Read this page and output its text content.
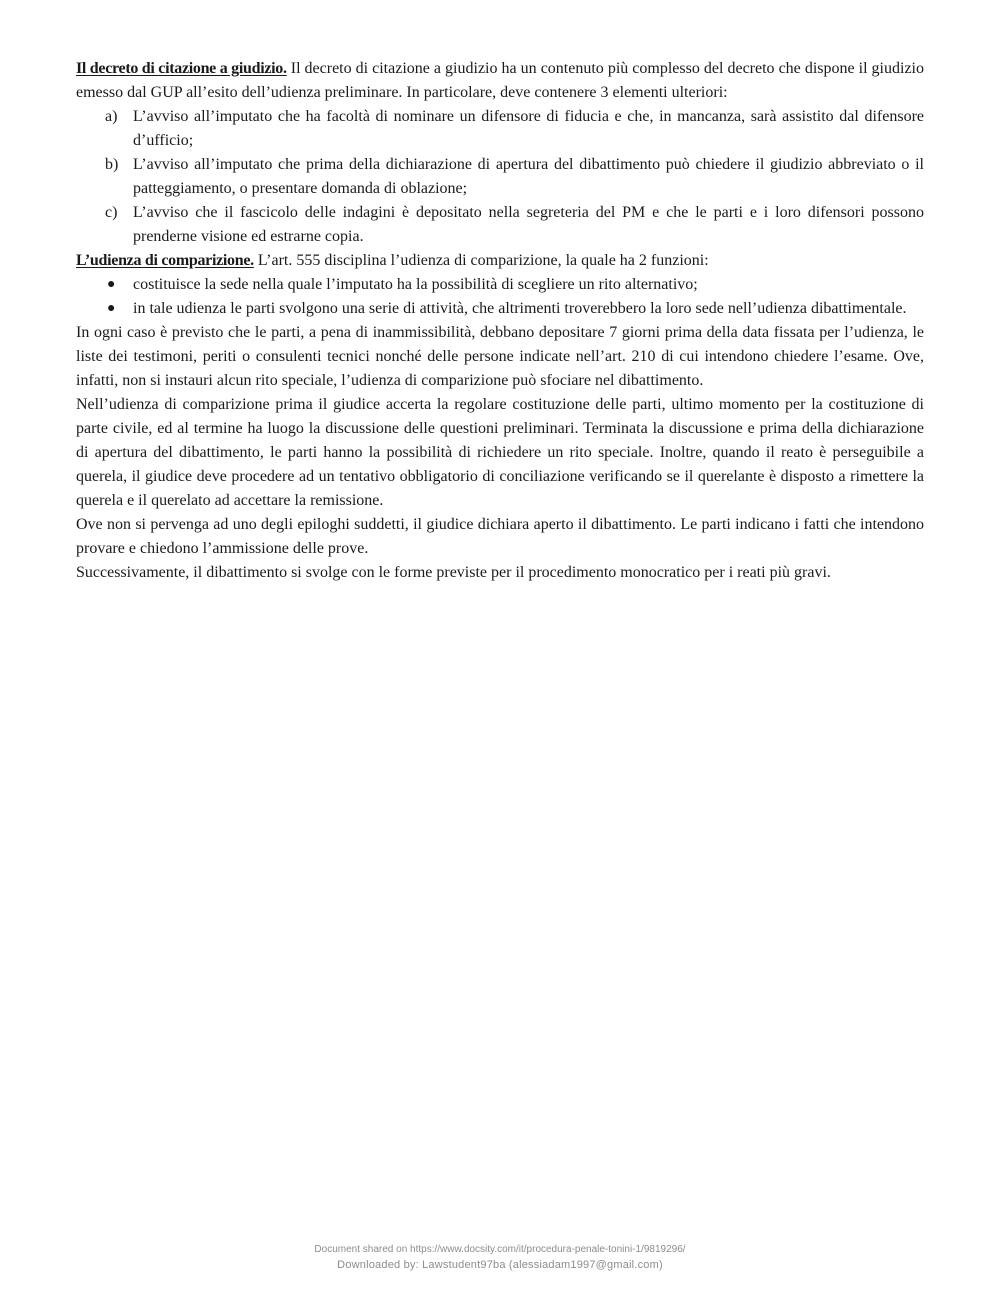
Il decreto di citazione a giudizio. Il decreto di citazione a giudizio ha un contenuto più complesso del decreto che dispone il giudizio emesso dal GUP all’esito dell’udienza preliminare. In particolare, deve contenere 3 elementi ulteriori:

a) L’avviso all’imputato che ha facoltà di nominare un difensore di fiducia e che, in mancanza, sarà assistito dal difensore d’ufficio;
b) L’avviso all’imputato che prima della dichiarazione di apertura del dibattimento può chiedere il giudizio abbreviato o il patteggiamento, o presentare domanda di oblazione;
c) L’avviso che il fascicolo delle indagini è depositato nella segreteria del PM e che le parti e i loro difensori possono prenderne visione ed estrarne copia.

L’udienza di comparizione. L’art. 555 disciplina l’udienza di comparizione, la quale ha 2 funzioni:

● costituisce la sede nella quale l’imputato ha la possibilità di scegliere un rito alternativo;
● in tale udienza le parti svolgono una serie di attività, che altrimenti troverebbero la loro sede nell’udienza dibattimentale.

In ogni caso è previsto che le parti, a pena di inammissibilità, debbano depositare 7 giorni prima della data fissata per l’udienza, le liste dei testimoni, periti o consulenti tecnici nonché delle persone indicate nell’art. 210 di cui intendono chiedere l’esame. Ove, infatti, non si instauri alcun rito speciale, l’udienza di comparizione può sfociare nel dibattimento.

Nell’udienza di comparizione prima il giudice accerta la regolare costituzione delle parti, ultimo momento per la costituzione di parte civile, ed al termine ha luogo la discussione delle questioni preliminari. Terminata la discussione e prima della dichiarazione di apertura del dibattimento, le parti hanno la possibilità di richiedere un rito speciale. Inoltre, quando il reato è perseguibile a querela, il giudice deve procedere ad un tentativo obbligatorio di conciliazione verificando se il querelante è disposto a rimettere la querela e il querelato ad accettare la remissione.

Ove non si pervenga ad uno degli epiloghi suddetti, il giudice dichiara aperto il dibattimento. Le parti indicano i fatti che intendono provare e chiedono l’ammissione delle prove.

Successivamente, il dibattimento si svolge con le forme previste per il procedimento monocratico per i reati più gravi.

Document shared on https://www.docsity.com/it/procedura-penale-tonini-1/9819296/
Downloaded by: Lawstudent97ba (alessiadam1997@gmail.com)
